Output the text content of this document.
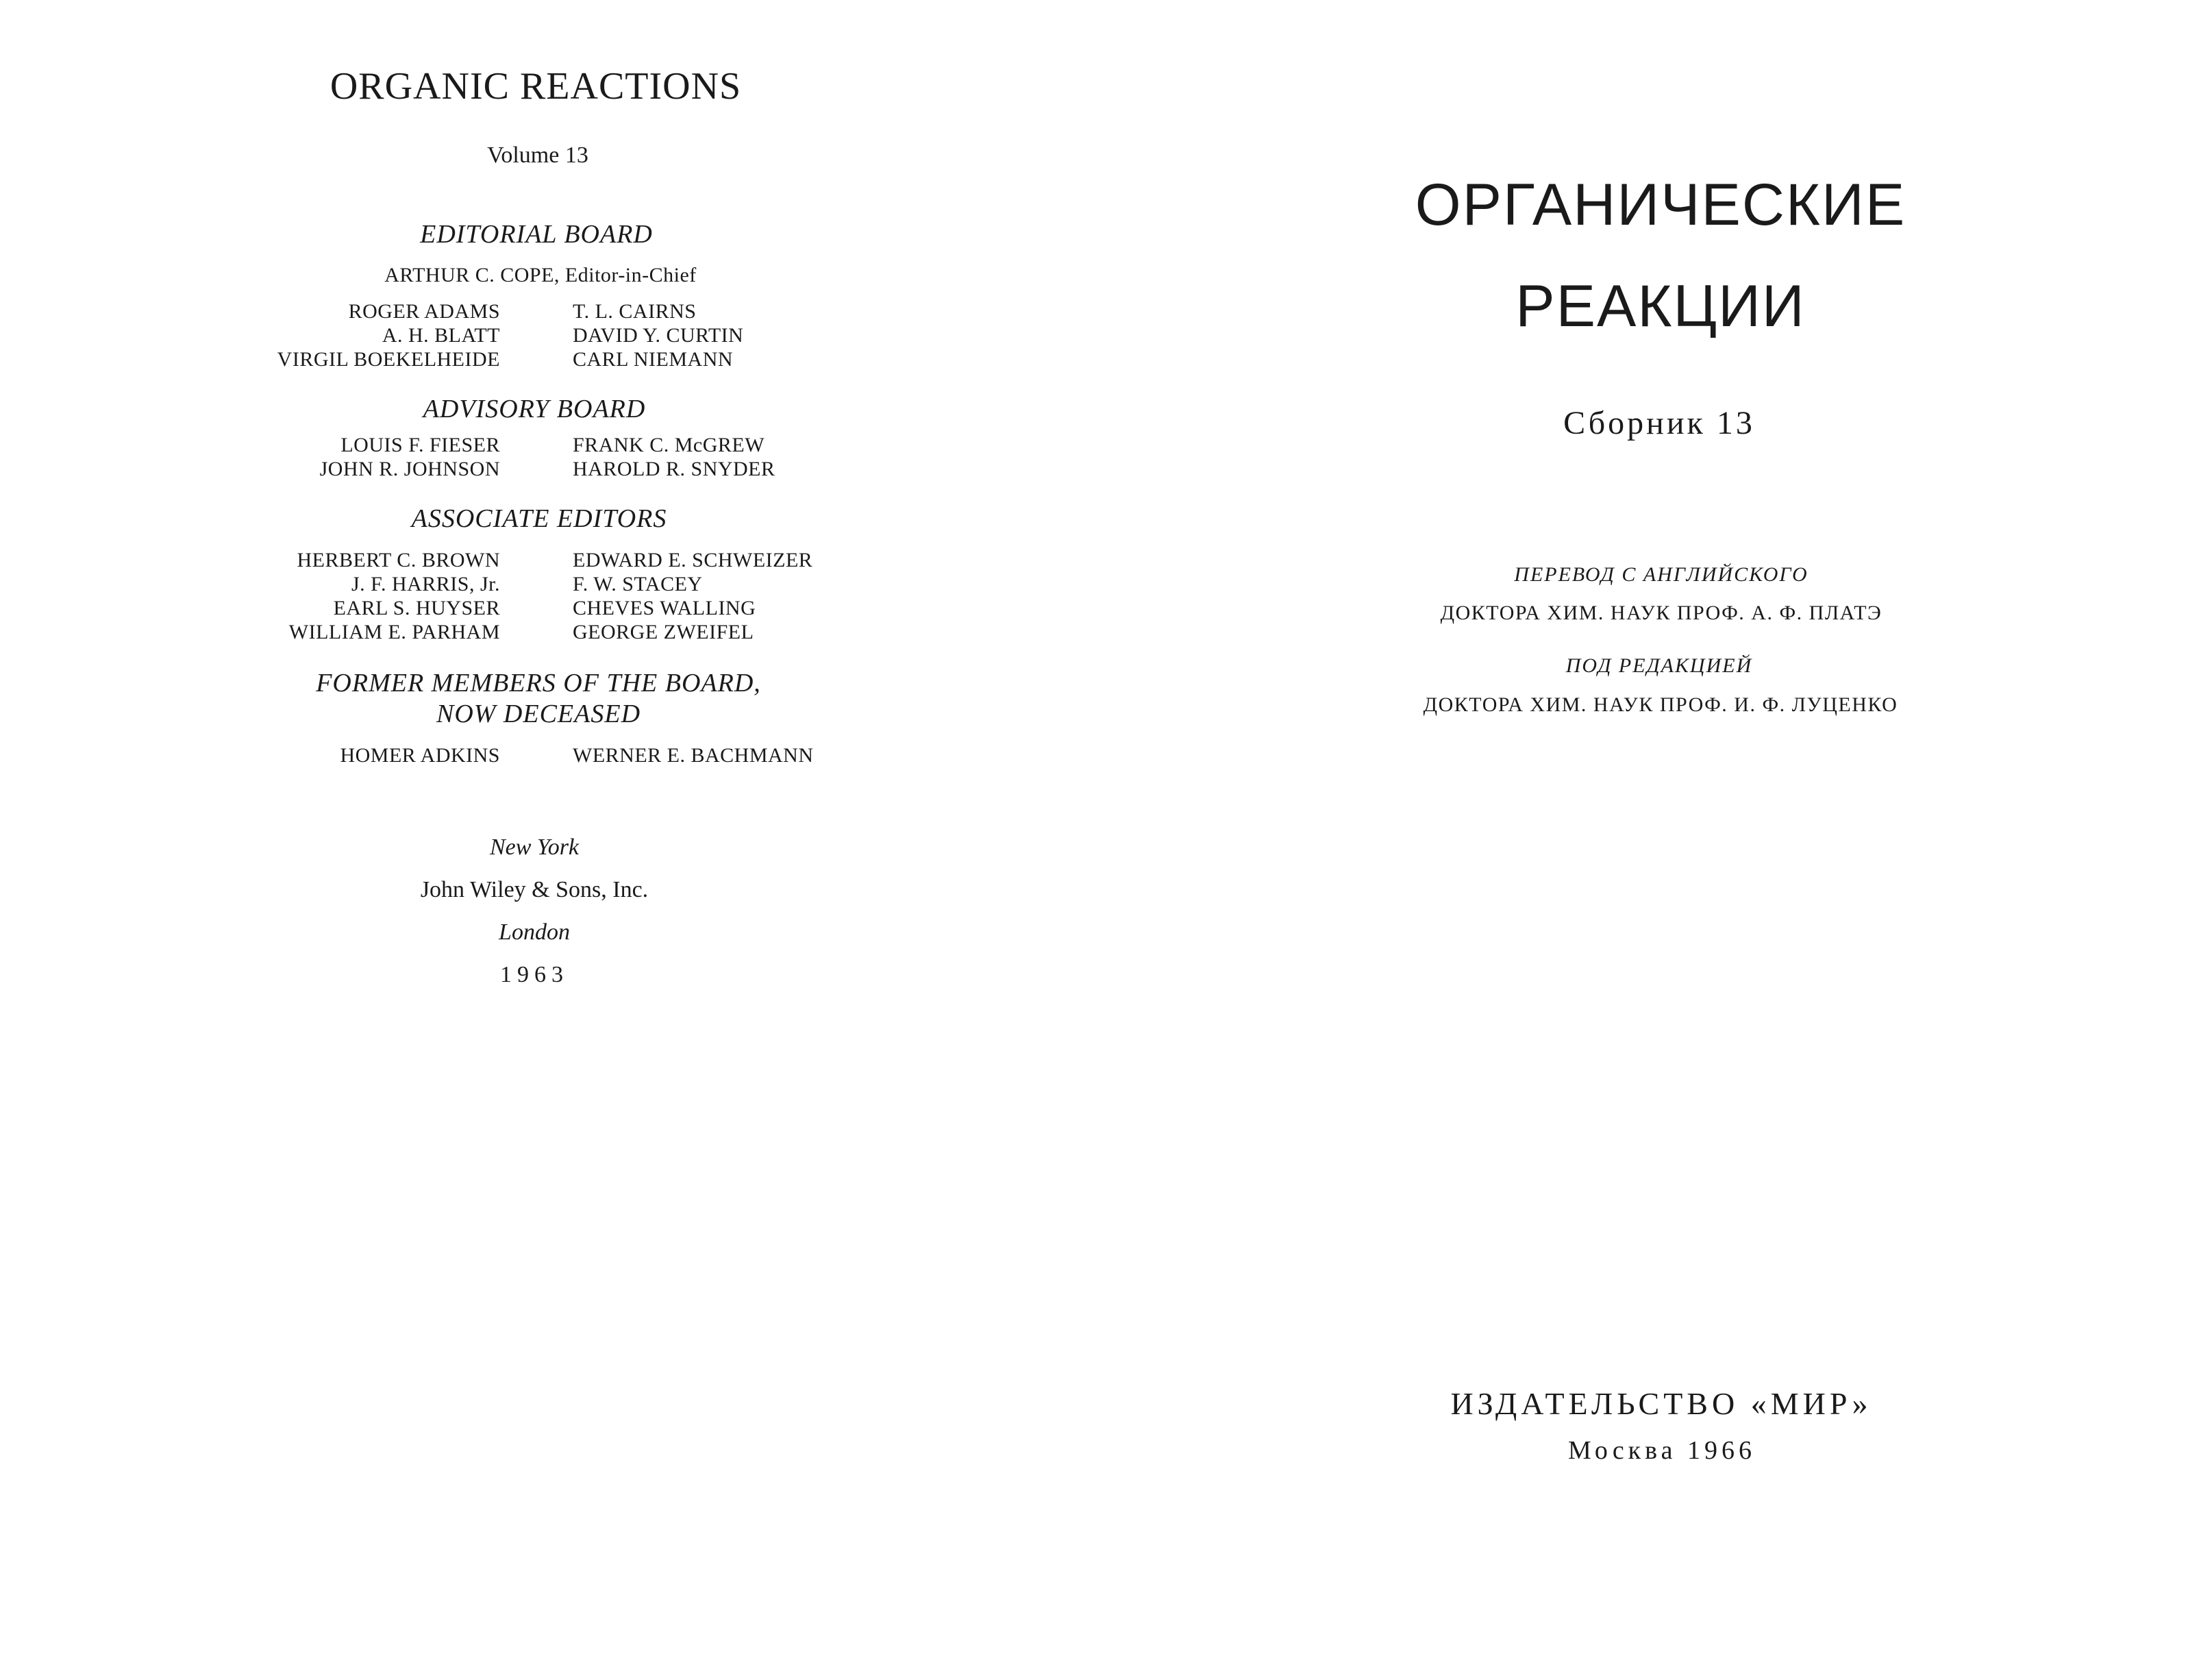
ORGANIC REACTIONS
Volume 13
EDITORIAL BOARD
ARTHUR C. COPE, Editor-in-Chief
ROGER ADAMS
A. H. BLATT
VIRGIL BOEKELHEIDE
T. L. CAIRNS
DAVID Y. CURTIN
CARL NIEMANN
ADVISORY BOARD
LOUIS F. FIESER
JOHN R. JOHNSON
FRANK C. McGREW
HAROLD R. SNYDER
ASSOCIATE EDITORS
HERBERT C. BROWN
J. F. HARRIS, Jr.
EARL S. HUYSER
WILLIAM E. PARHAM
EDWARD E. SCHWEIZER
F. W. STACEY
CHEVES WALLING
GEORGE ZWEIFEL
FORMER MEMBERS OF THE BOARD,
NOW DECEASED
HOMER ADKINS	WERNER E. BACHMANN
New York
John Wiley & Sons, Inc.
London
1963
ОРГАНИЧЕСКИЕ
РЕАКЦИИ
Сборник 13
ПЕРЕВОД С АНГЛИЙСКОГО
ДОКТОРА ХИМ. НАУК ПРОФ. А. Ф. ПЛАТЭ
ПОД РЕДАКЦИЕЙ
ДОКТОРА ХИМ. НАУК ПРОФ. И. Ф. ЛУЦЕНКО
ИЗДАТЕЛЬСТВО «МИР»
Москва 1966
